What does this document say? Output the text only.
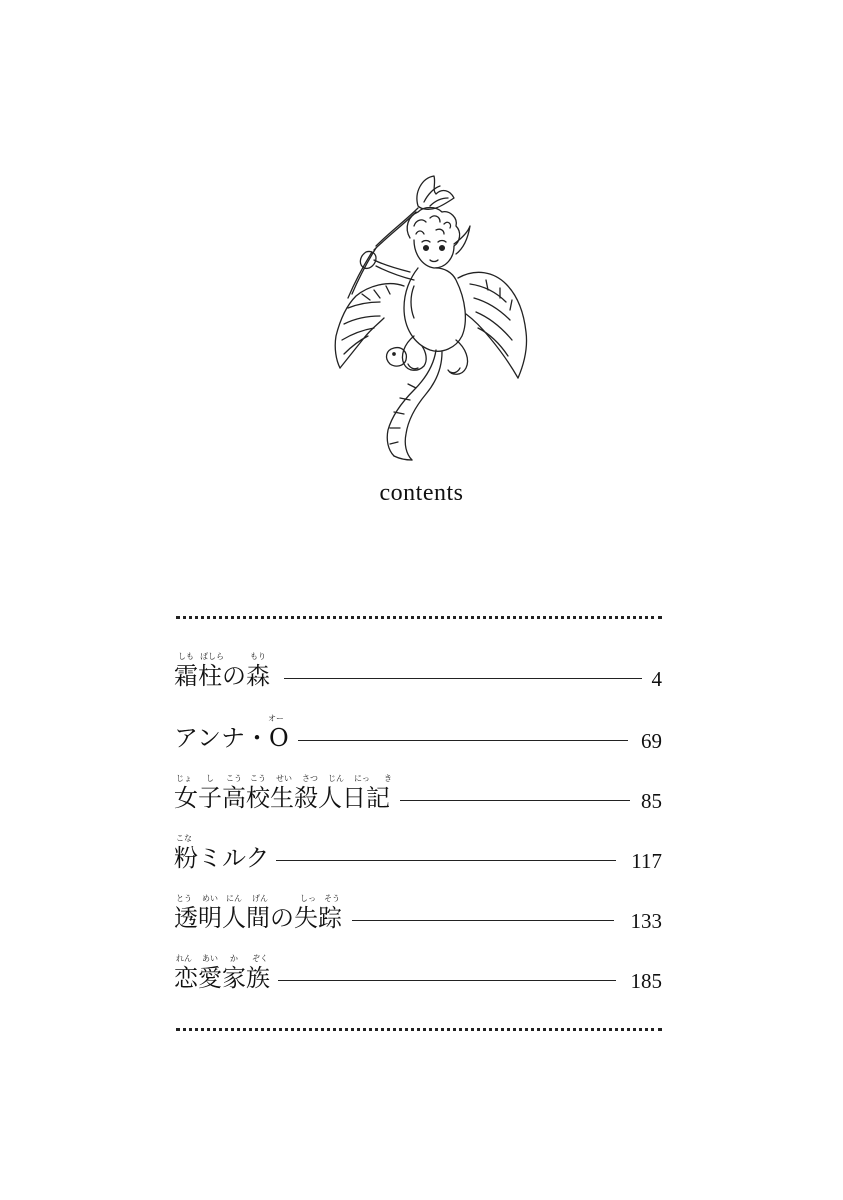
contents
しも ばしら	もり
霜柱の森	4
オー
アンナ・O	69
じょ し こう こう せい さつ じん にっ き
女子高校生殺人日記	85
こな
粉ミルク	117
とう めい にん げん	しっ そう
透明人間の失踪	133
れん あい か ぞく
恋愛家族	185
